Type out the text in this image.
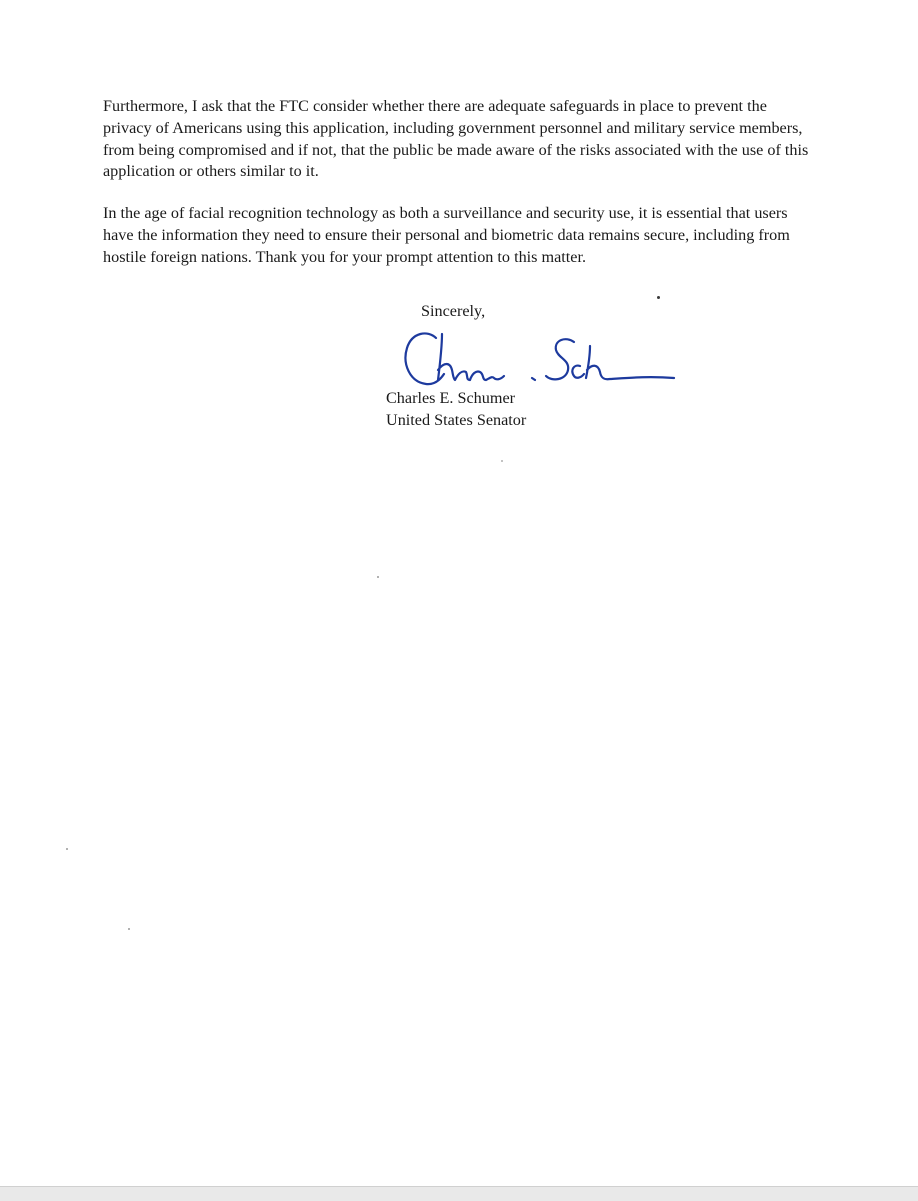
Furthermore, I ask that the FTC consider whether there are adequate safeguards in place to prevent the privacy of Americans using this application, including government personnel and military service members, from being compromised and if not, that the public be made aware of the risks associated with the use of this application or others similar to it.

In the age of facial recognition technology as both a surveillance and security use, it is essential that users have the information they need to ensure their personal and biometric data remains secure, including from hostile foreign nations. Thank you for your prompt attention to this matter.

Sincerely,

Charles E. Schumer

United States Senator
